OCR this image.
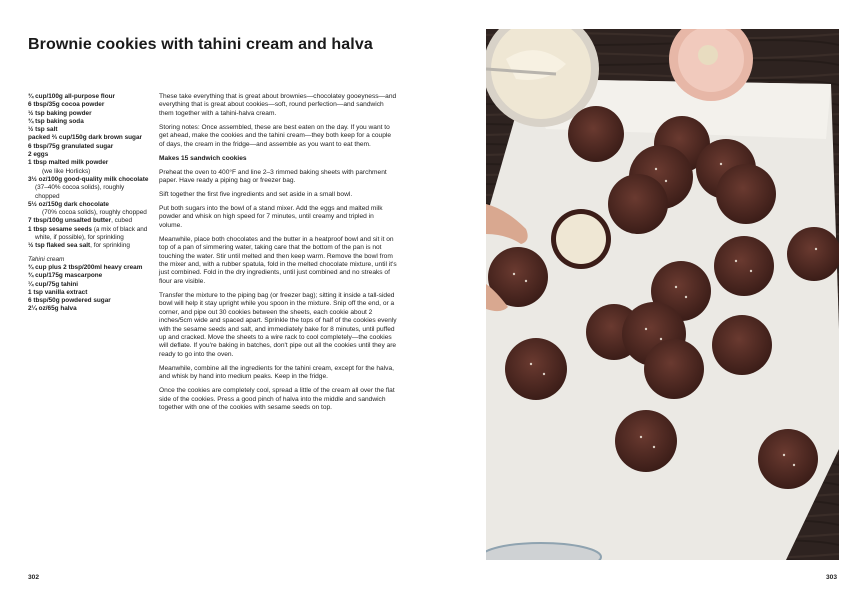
Brownie cookies with tahini cream and halva
¾ cup/100g all-purpose flour
6 tbsp/35g cocoa powder
½ tsp baking powder
¾ tsp baking soda
½ tsp salt
packed ⅔ cup/150g dark brown sugar
6 tbsp/75g granulated sugar
2 eggs
1 tbsp malted milk powder
(we like Horlicks)
3½ oz/100g good-quality milk chocolate (37–40% cocoa solids), roughly chopped
5½ oz/150g dark chocolate
(70% cocoa solids), roughly chopped
7 tbsp/100g unsalted butter, cubed
1 tbsp sesame seeds (a mix of black and white, if possible), for sprinkling
½ tsp flaked sea salt, for sprinkling
Tahini cream
¾ cup plus 2 tbsp/200ml heavy cream
¾ cup/175g mascarpone
¼ cup/75g tahini
1 tsp vanilla extract
6 tbsp/50g powdered sugar
2¼ oz/65g halva

These take everything that is great about brownies—chocolatey gooeyness—and everything that is great about cookies—soft, round perfection—and sandwich them together with a tahini-halva cream.

Storing notes: Once assembled, these are best eaten on the day. If you want to get ahead, make the cookies and the tahini cream—they both keep for a couple of days, the cream in the fridge—and assemble as you want to eat them.

Makes 15 sandwich cookies

Preheat the oven to 400°F and line 2–3 rimmed baking sheets with parchment paper. Have ready a piping bag or freezer bag.

Sift together the first five ingredients and set aside in a small bowl.

Put both sugars into the bowl of a stand mixer. Add the eggs and malted milk powder and whisk on high speed for 7 minutes, until creamy and tripled in volume.

Meanwhile, place both chocolates and the butter in a heatproof bowl and sit it on top of a pan of simmering water, taking care that the bottom of the pan is not touching the water. Stir until melted and then keep warm. Remove the bowl from the mixer and, with a rubber spatula, fold in the melted chocolate mixture, until it's just combined. Fold in the dry ingredients, until just combined and no streaks of flour are visible.

Transfer the mixture to the piping bag (or freezer bag); sitting it inside a tall-sided bowl will help it stay upright while you spoon in the mixture. Snip off the end, or a corner, and pipe out 30 cookies between the sheets, each cookie about 2 inches/5cm wide and spaced apart. Sprinkle the tops of half of the cookies evenly with the sesame seeds and salt, and immediately bake for 8 minutes, until puffed up and cracked. Move the sheets to a wire rack to cool completely—the cookies will deflate. If you're baking in batches, don't pipe out all the cookies until they are ready to go into the oven.

Meanwhile, combine all the ingredients for the tahini cream, except for the halva, and whisk by hand into medium peaks. Keep in the fridge.

Once the cookies are completely cool, spread a little of the cream all over the flat side of the cookies. Press a good pinch of halva into the middle and sandwich together with one of the cookies with sesame seeds on top.

302	303
